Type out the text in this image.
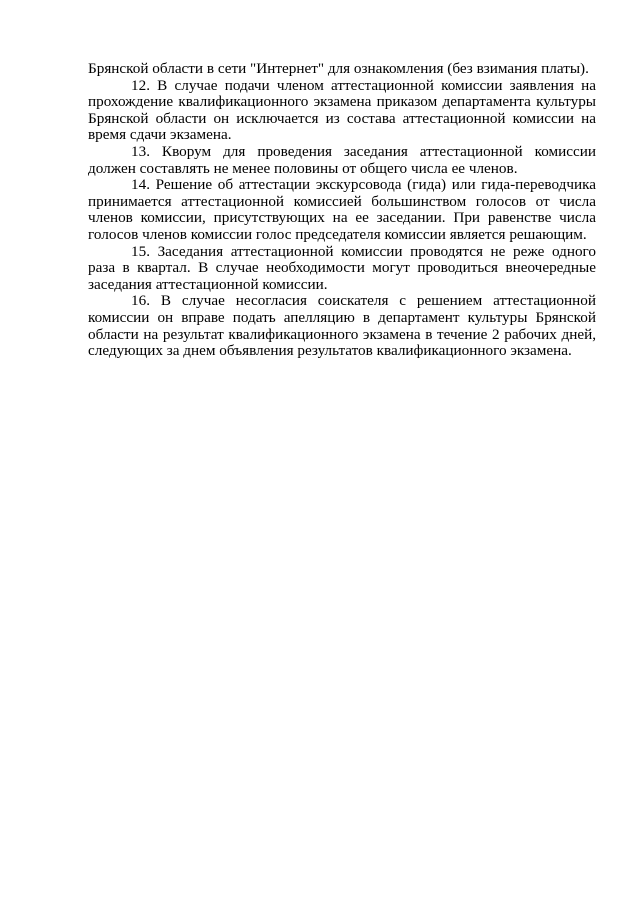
Брянской области в сети "Интернет" для ознакомления (без взимания платы).

12. В случае подачи членом аттестационной комиссии заявления на прохождение квалификационного экзамена приказом департамента культуры Брянской области он исключается из состава аттестационной комиссии на время сдачи экзамена.

13. Кворум для проведения заседания аттестационной комиссии должен составлять не менее половины от общего числа ее членов.

14. Решение об аттестации экскурсовода (гида) или гида-переводчика принимается аттестационной комиссией большинством голосов от числа членов комиссии, присутствующих на ее заседании. При равенстве числа голосов членов комиссии голос председателя комиссии является решающим.

15. Заседания аттестационной комиссии проводятся не реже одного раза в квартал. В случае необходимости могут проводиться внеочередные заседания аттестационной комиссии.

16. В случае несогласия соискателя с решением аттестационной комиссии он вправе подать апелляцию в департамент культуры Брянской области на результат квалификационного экзамена в течение 2 рабочих дней, следующих за днем объявления результатов квалификационного экзамена.
